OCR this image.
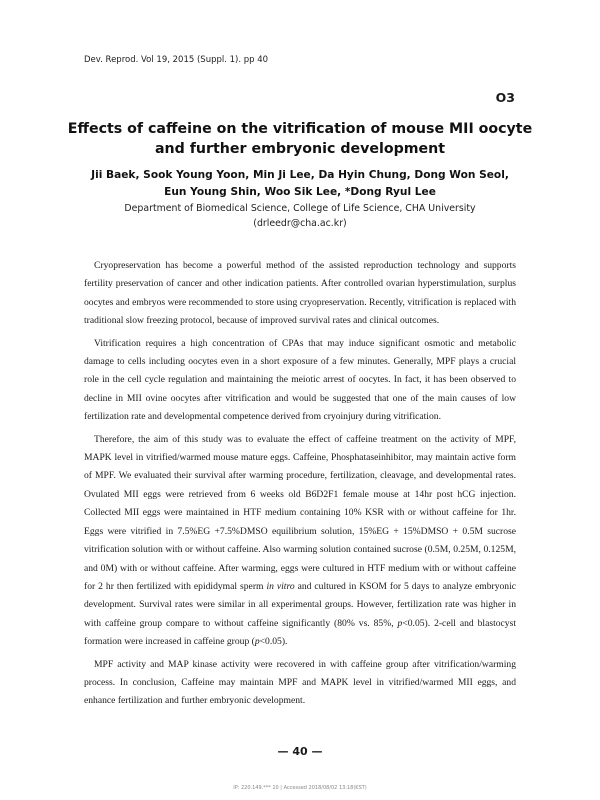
Dev. Reprod. Vol 19, 2015 (Suppl. 1). pp 40
O3
Effects of caffeine on the vitrification of mouse MII oocyte and further embryonic development
Jii Baek, Sook Young Yoon, Min Ji Lee, Da Hyin Chung, Dong Won Seol,
Eun Young Shin, Woo Sik Lee, *Dong Ryul Lee
Department of Biomedical Science, College of Life Science, CHA University
(drleedr@cha.ac.kr)

Cryopreservation has become a powerful method of the assisted reproduction technology and supports fertility preservation of cancer and other indication patients. After controlled ovarian hyperstimulation, surplus oocytes and embryos were recommended to store using cryopreservation. Recently, vitrification is replaced with traditional slow freezing protocol, because of improved survival rates and clinical outcomes.

Vitrification requires a high concentration of CPAs that may induce significant osmotic and metabolic damage to cells including oocytes even in a short exposure of a few minutes. Generally, MPF plays a crucial role in the cell cycle regulation and maintaining the meiotic arrest of oocytes. In fact, it has been observed to decline in MII ovine oocytes after vitrification and would be suggested that one of the main causes of low fertilization rate and developmental competence derived from cryoinjury during vitrification.

Therefore, the aim of this study was to evaluate the effect of caffeine treatment on the activity of MPF, MAPK level in vitrified/warmed mouse mature eggs. Caffeine, Phosphataseinhibitor, may maintain active form of MPF. We evaluated their survival after warming procedure, fertilization, cleavage, and developmental rates. Ovulated MII eggs were retrieved from 6 weeks old B6D2F1 female mouse at 14hr post hCG injection. Collected MII eggs were maintained in HTF medium containing 10% KSR with or without caffeine for 1hr. Eggs were vitrified in 7.5%EG +7.5%DMSO equilibrium solution, 15%EG + 15%DMSO + 0.5M sucrose vitrification solution with or without caffeine. Also warming solution contained sucrose (0.5M, 0.25M, 0.125M, and 0M) with or without caffeine. After warming, eggs were cultured in HTF medium with or without caffeine for 2 hr then fertilized with epididymal sperm in vitro and cultured in KSOM for 5 days to analyze embryonic development. Survival rates were similar in all experimental groups. However, fertilization rate was higher in with caffeine group compare to without caffeine significantly (80% vs. 85%, p<0.05). 2-cell and blastocyst formation were increased in caffeine group (p<0.05).

MPF activity and MAP kinase activity were recovered in with caffeine group after vitrification/warming process. In conclusion, Caffeine may maintain MPF and MAPK level in vitrified/warmed MII eggs, and enhance fertilization and further embryonic development.

— 40 —
IP: 220.149.*** 10 | Accessed 2018/08/02 13:18(KST)
